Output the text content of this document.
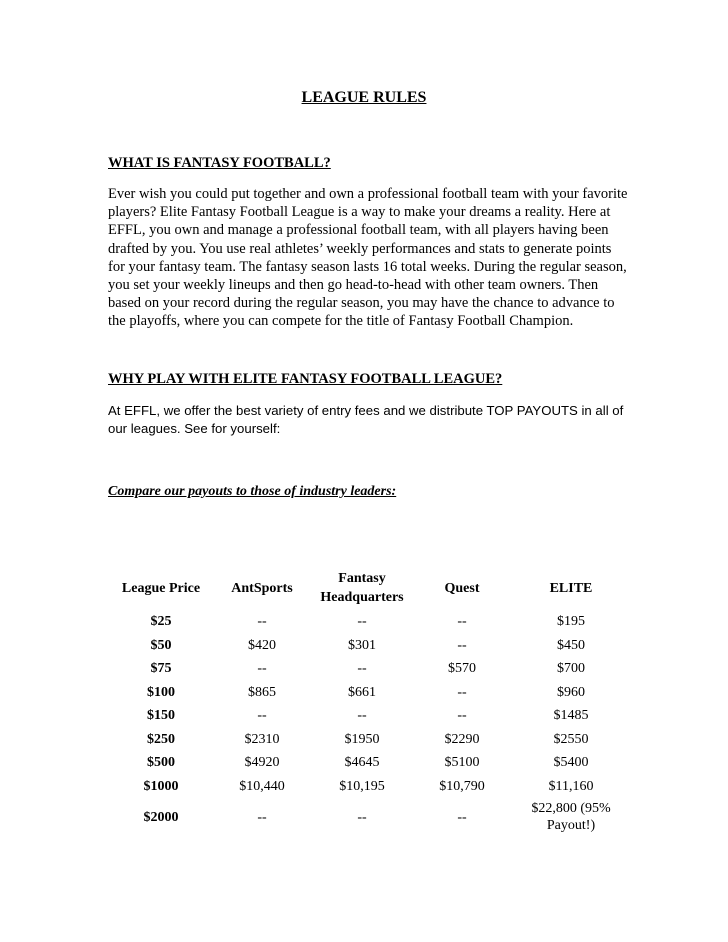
LEAGUE RULES
WHAT IS FANTASY FOOTBALL?

Ever wish you could put together and own a professional football team with your favorite players? Elite Fantasy Football League is a way to make your dreams a reality. Here at EFFL, you own and manage a professional football team, with all players having been drafted by you. You use real athletes’ weekly performances and stats to generate points for your fantasy team. The fantasy season lasts 16 total weeks. During the regular season, you set your weekly lineups and then go head-to-head with other team owners. Then based on your record during the regular season, you may have the chance to advance to the playoffs, where you can compete for the title of Fantasy Football Champion.

WHY PLAY WITH ELITE FANTASY FOOTBALL LEAGUE?

At EFFL, we offer the best variety of entry fees and we distribute TOP PAYOUTS in all of our leagues. See for yourself:

Compare our payouts to those of industry leaders:
League Price	AntSports	Fantasy Headquarters	Quest	ELITE
$25	--	--	--	$195
$50	$420	$301	--	$450
$75	--	--	$570	$700
$100	$865	$661	--	$960
$150	--	--	--	$1485
$250	$2310	$1950	$2290	$2550
$500	$4920	$4645	$5100	$5400
$1000	$10,440	$10,195	$10,790	$11,160
$2000	--	--	--	$22,800 (95% Payout!)
